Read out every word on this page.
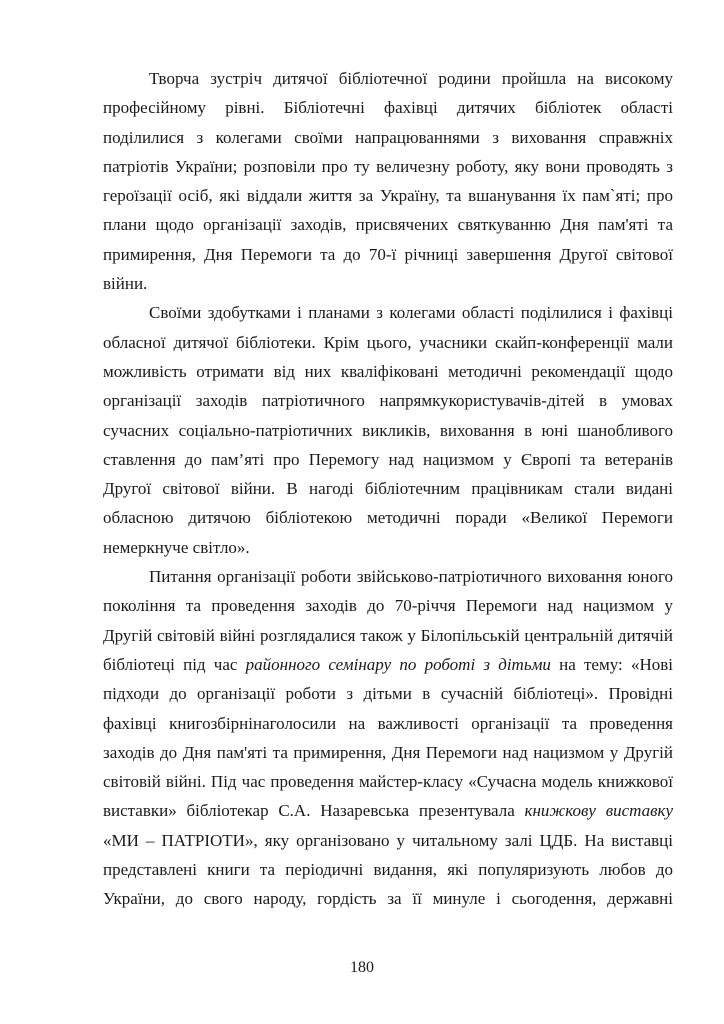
Творча зустріч дитячої бібліотечної родини пройшла на високому
професійному рівні. Бібліотечні фахівці дитячих бібліотек області
поділилися з колегами своїми напрацюваннями з виховання справжніх
патріотів України; розповіли про ту величезну роботу, яку вони проводять з
героїзації осіб, які віддали життя за Україну, та вшанування їх пам`яті; про
плани щодо організації заходів, присвячених святкуванню Дня пам'яті та
примирення, Дня Перемоги та до 70-ї річниці завершення Другої світової
війни.

Своїми здобутками і планами з колегами області поділилися і фахівці
обласної дитячої бібліотеки. Крім цього, учасники скайп-конференції мали
можливість отримати від них кваліфіковані методичні рекомендації щодо
організації заходів патріотичного напрямкукористувачів-дітей в умовах
сучасних соціально-патріотичних викликів, виховання в юні шанобливого
ставлення до пам’яті про Перемогу над нацизмом у Європі та ветеранів
Другої світової війни. В нагоді бібліотечним працівникам стали видані
обласною дитячою бібліотекою методичні поради «Великої Перемоги
немеркнуче світло».

Питання організації роботи звійськово-патріотичного виховання юного
покоління та проведення заходів до 70-річчя Перемоги над нацизмом у
Другій світовій війні розглядалися також у Білопільській центральній дитячій
бібліотеці під час районного семінару по роботі з дітьми на тему: «Нові
підходи до організації роботи з дітьми в сучасній бібліотеці». Провідні
фахівці книгозбірнінаголосили на важливості організації та проведення
заходів до Дня пам'яті та примирення, Дня Перемоги над нацизмом у Другій
світовій війні. Під час проведення майстер-класу «Сучасна модель книжкової
виставки» бібліотекар С.А. Назаревська презентувала книжкову виставку
«МИ – ПАТРІОТИ», яку організовано у читальному залі ЦДБ. На виставці
представлені книги та періодичні видання, які популяризують любов до
України, до свого народу, гордість за її минуле і сьогодення, державні

180
